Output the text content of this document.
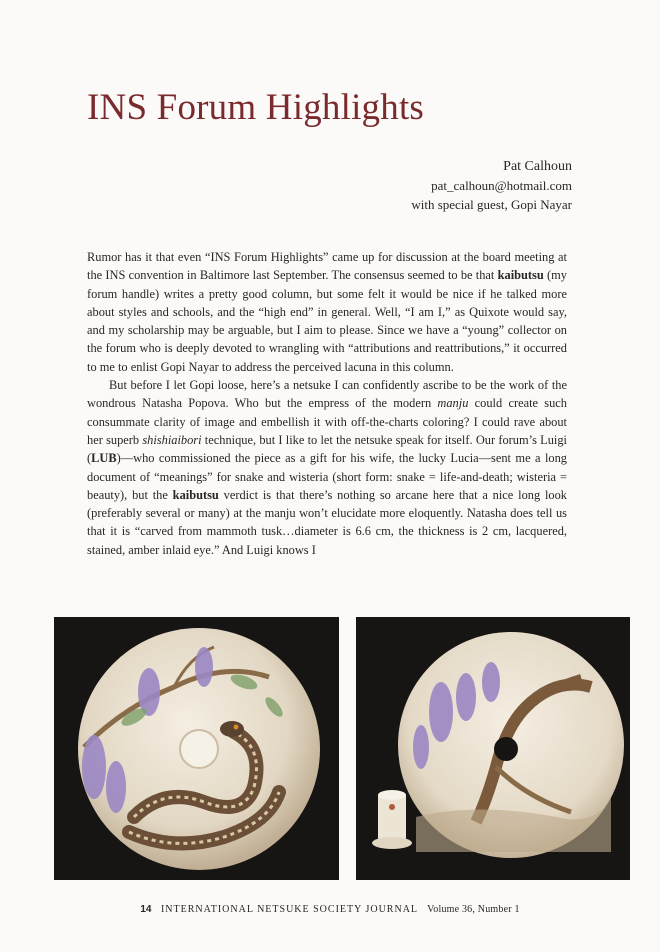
INS Forum Highlights
Pat Calhoun
pat_calhoun@hotmail.com
with special guest, Gopi Nayar

Rumor has it that even “INS Forum Highlights” came up for discussion at the board meeting at the INS convention in Baltimore last September. The consensus seemed to be that kaibutsu (my forum handle) writes a pretty good column, but some felt it would be nice if he talked more about styles and schools, and the “high end” in general. Well, “I am I,” as Quixote would say, and my scholarship may be arguable, but I aim to please. Since we have a “young” collector on the forum who is deeply devoted to wrangling with “attributions and reattributions,” it occurred to me to enlist Gopi Nayar to address the perceived lacuna in this column.

But before I let Gopi loose, here’s a netsuke I can confidently ascribe to be the work of the wondrous Natasha Popova. Who but the empress of the modern manju could create such consummate clarity of image and embellish it with off-the-charts coloring? I could rave about her superb shishiaibori technique, but I like to let the netsuke speak for itself. Our forum’s Luigi (LUB)—who commissioned the piece as a gift for his wife, the lucky Lucia—sent me a long document of “meanings” for snake and wisteria (short form: snake = life-and-death; wisteria = beauty), but the kaibutsu verdict is that there’s nothing so arcane here that a nice long look (preferably several or many) at the manju won’t elucidate more eloquently. Natasha does tell us that it is “carved from mammoth tusk…diameter is 6.6 cm, the thickness is 2 cm, lacquered, stained, amber inlaid eye.” And Luigi knows I

14 INTERNATIONAL NETSUKE SOCIETY JOURNAL Volume 36, Number 1
